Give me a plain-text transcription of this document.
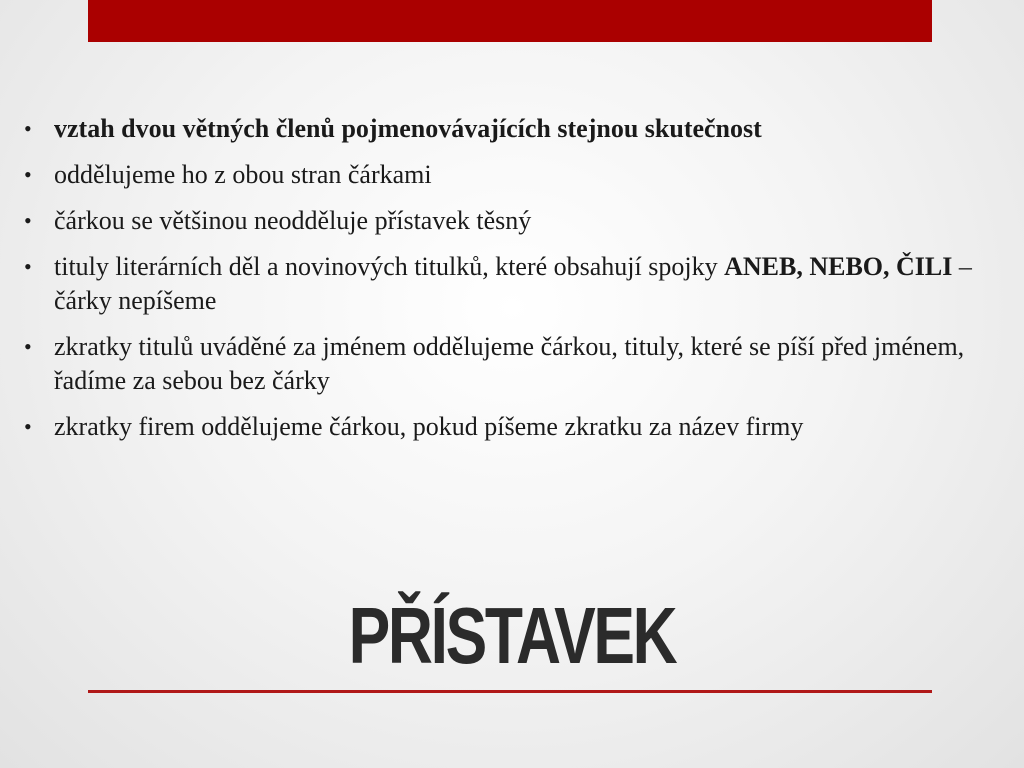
• vztah dvou větných členů pojmenovávajících stejnou skutečnost
• oddělujeme ho z obou stran čárkami
• čárkou se většinou neodděluje přístavek těsný
• tituly literárních děl a novinových titulků, které obsahují spojky ANEB, NEBO, ČILI – čárky nepíšeme
• zkratky titulů uváděné za jménem oddělujeme čárkou, tituly, které se píší před jménem, řadíme za sebou bez čárky
• zkratky firem oddělujeme čárkou, pokud píšeme zkratku za název firmy
PŘÍSTAVEK
